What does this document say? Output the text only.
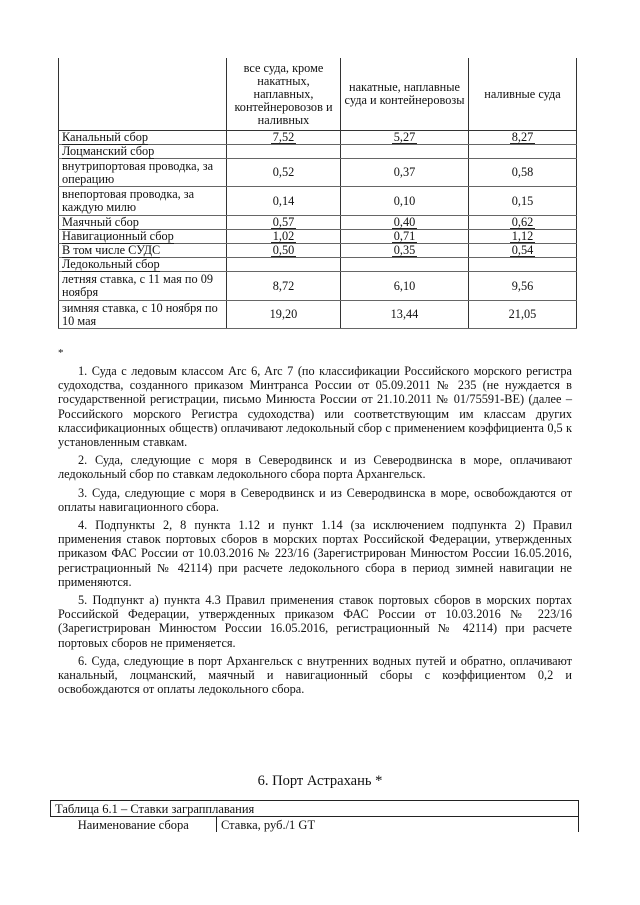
	все суда, кроме накатных, наплавных, контейнеровозов и наливных	накатные, наплавные суда и контейнеровозы	наливные суда
Канальный сбор	7,52	5,27	8,27
Лоцманский сбор			
внутрипортовая проводка, за операцию	0,52	0,37	0,58
внепортовая проводка, за каждую милю	0,14	0,10	0,15
Маячный сбор	0,57	0,40	0,62
Навигационный сбор	1,02	0,71	1,12
В том числе СУДС	0,50	0,35	0,54
Ледокольный сбор			
летняя ставка, с 11 мая по 09 ноября	8,72	6,10	9,56
зимняя ставка, с 10 ноября по 10 мая	19,20	13,44	21,05
*

1. Суда с ледовым классом Arc 6, Arc 7 (по классификации Российского морского регистра судоходства, созданного приказом Минтранса России от 05.09.2011 № 235 (не нуждается в государственной регистрации, письмо Минюста России от 21.10.2011 № 01/75591-ВЕ) (далее – Российского морского Регистра судоходства) или соответствующим им классам других классификационных обществ) оплачивают ледокольный сбор с применением коэффициента 0,5 к установленным ставкам.

2. Суда, следующие с моря в Северодвинск и из Северодвинска в море, оплачивают ледокольный сбор по ставкам ледокольного сбора порта Архангельск.

3. Суда, следующие с моря в Северодвинск и из Северодвинска в море, освобождаются от оплаты навигационного сбора.

4. Подпункты 2, 8 пункта 1.12 и пункт 1.14 (за исключением подпункта 2) Правил применения ставок портовых сборов в морских портах Российской Федерации, утвержденных приказом ФАС России от 10.03.2016 № 223/16 (Зарегистрирован Минюстом России 16.05.2016, регистрационный № 42114) при расчете ледокольного сбора в период зимней навигации не применяются.

5. Подпункт а) пункта 4.3 Правил применения ставок портовых сборов в морских портах Российской Федерации, утвержденных приказом ФАС России от 10.03.2016 № 223/16 (Зарегистрирован Минюстом России 16.05.2016, регистрационный № 42114) при расчете портовых сборов не применяется.

6. Суда, следующие в порт Архангельск с внутренних водных путей и обратно, оплачивают канальный, лоцманский, маячный и навигационный сборы с коэффициентом 0,2 и освобождаются от оплаты ледокольного сбора.

6. Порт Астрахань *
Таблица 6.1 – Ставки заграпплавания
Наименование сбора	Ставка, руб./1 GT
